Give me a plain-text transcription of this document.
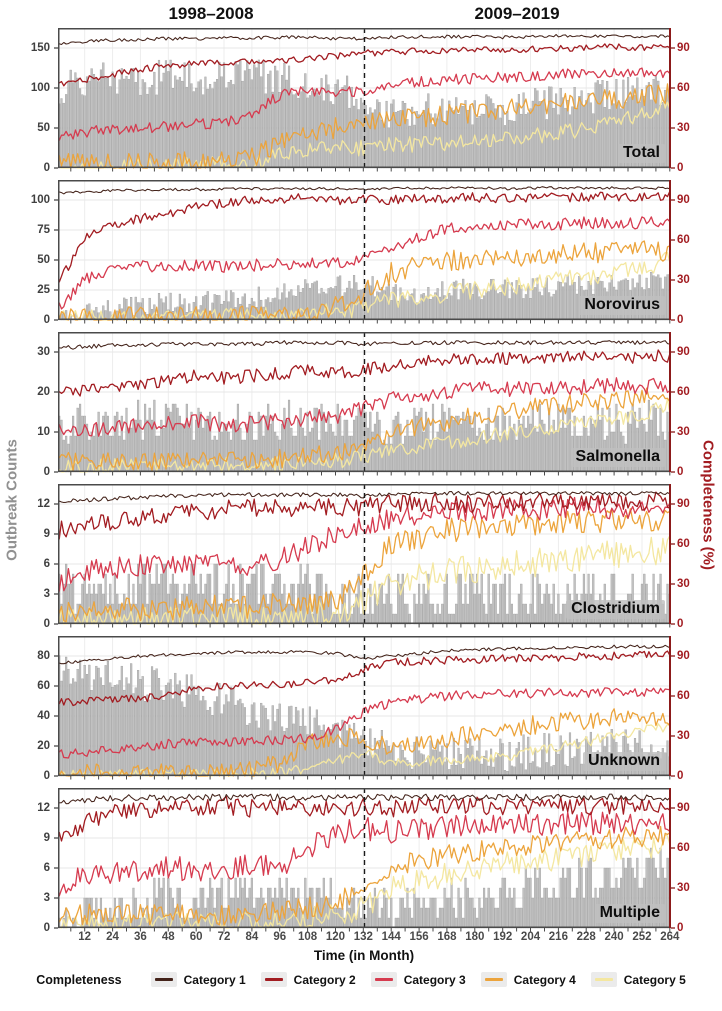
1998–2008	2009–2019
Outbreak Counts	Completeness (%)
0
50
100
150
0
30
60
90
Total
0
25
50
75
100
0
30
60
90
Norovirus
0
10
20
30
0
30
60
90
Salmonella
0
3
6
9
12
0
30
60
90
Clostridium
0
20
40
60
80
0
30
60
90
Unknown
0
3
6
9
12
0
30
60
90
Multiple
12 24 36 48 60 72 84 96 108 120 132 144 156 168 180 192 204 216 228 240 252 264
Time (in Month)
Completeness	Category 1	Category 2	Category 3	Category 4	Category 5
